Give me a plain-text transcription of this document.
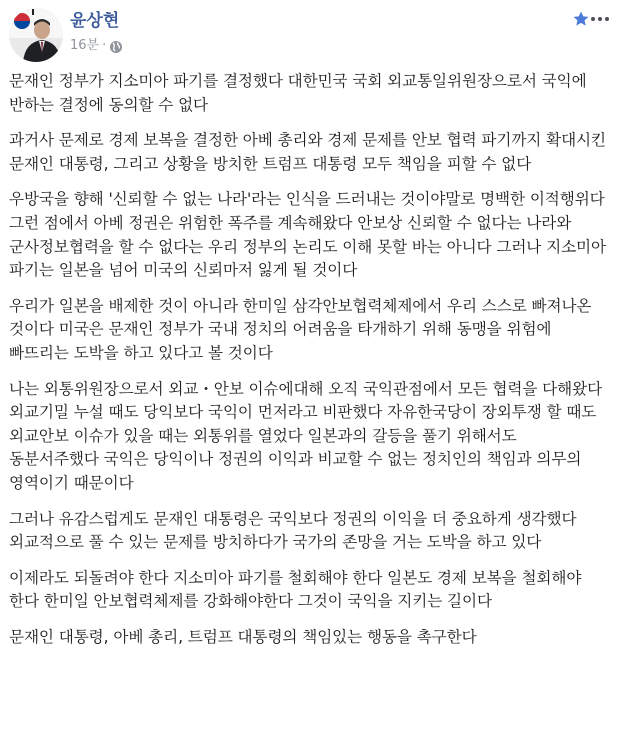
윤상현
16분 ·

문재인 정부가 지소미아 파기를 결정했다 대한민국 국회 외교통일위원장으로서 국익에 반하는 결정에 동의할 수 없다

과거사 문제로 경제 보복을 결정한 아베 총리와 경제 문제를 안보 협력 파기까지 확대시킨 문재인 대통령, 그리고 상황을 방치한 트럼프 대통령 모두 책임을 피할 수 없다

우방국을 향해 '신뢰할 수 없는 나라'라는 인식을 드러내는 것이야말로 명백한 이적행위다 그런 점에서 아베 정권은 위험한 폭주를 계속해왔다 안보상 신뢰할 수 없다는 나라와 군사정보협력을 할 수 없다는 우리 정부의 논리도 이해 못할 바는 아니다 그러나 지소미아 파기는 일본을 넘어 미국의 신뢰마저 잃게 될 것이다

우리가 일본을 배제한 것이 아니라 한미일 삼각안보협력체제에서 우리 스스로 빠져나온 것이다 미국은 문재인 정부가 국내 정치의 어려움을 타개하기 위해 동맹을 위험에 빠뜨리는 도박을 하고 있다고 볼 것이다

나는 외통위원장으로서 외교・안보 이슈에대해 오직 국익관점에서 모든 협력을 다해왔다 외교기밀 누설 때도 당익보다 국익이 먼저라고 비판했다 자유한국당이 장외투쟁 할 때도 외교안보 이슈가 있을 때는 외통위를 열었다 일본과의 갈등을 풀기 위해서도 동분서주했다 국익은 당익이나 정권의 이익과 비교할 수 없는 정치인의 책임과 의무의 영역이기 때문이다

그러나 유감스럽게도 문재인 대통령은 국익보다 정권의 이익을 더 중요하게 생각했다 외교적으로 풀 수 있는 문제를 방치하다가 국가의 존망을 거는 도박을 하고 있다

이제라도 되돌려야 한다 지소미아 파기를 철회해야 한다 일본도 경제 보복을 철회해야 한다 한미일 안보협력체제를 강화해야한다 그것이 국익을 지키는 길이다

문재인 대통령, 아베 총리, 트럼프 대통령의 책임있는 행동을 촉구한다
